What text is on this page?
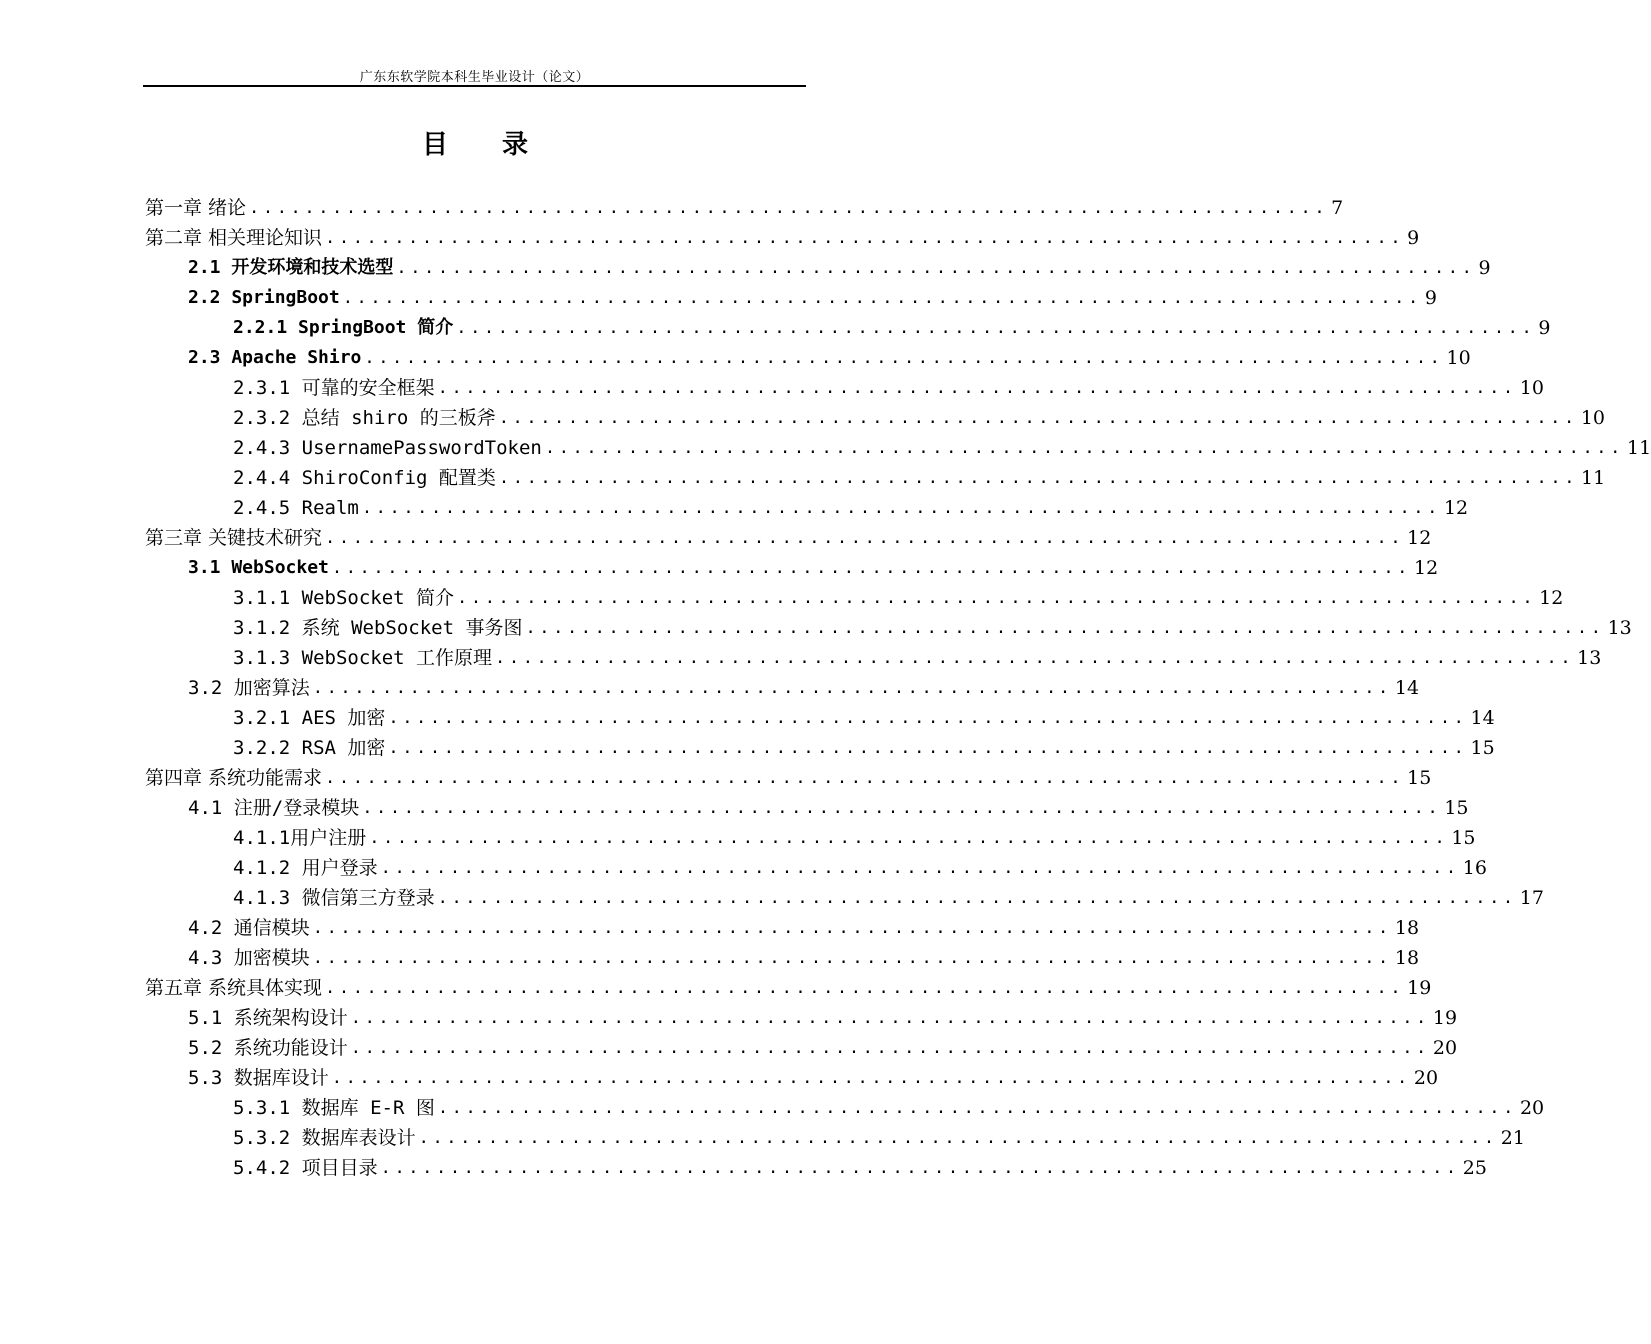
广东东软学院本科生毕业设计（论文）
目　录
第一章 绪论 .............................................................................. 7
第二章 相关理论知识 .............................................................................. 9
2.1 开发环境和技术选型 .............................................................................. 9
2.2 SpringBoot .............................................................................. 9
2.2.1 SpringBoot 简介 .............................................................................. 9
2.3 Apache Shiro .............................................................................. 10
2.3.1 可靠的安全框架 .............................................................................. 10
2.3.2 总结 shiro 的三板斧 .............................................................................. 10
2.4.3 UsernamePasswordToken .............................................................................. 11
2.4.4 ShiroConfig 配置类 .............................................................................. 11
2.4.5 Realm .............................................................................. 12
第三章 关键技术研究 .............................................................................. 12
3.1 WebSocket .............................................................................. 12
3.1.1 WebSocket 简介 .............................................................................. 12
3.1.2 系统 WebSocket 事务图 .............................................................................. 13
3.1.3 WebSocket 工作原理 .............................................................................. 13
3.2 加密算法 .............................................................................. 14
3.2.1 AES 加密 .............................................................................. 14
3.2.2 RSA 加密 .............................................................................. 15
第四章 系统功能需求 .............................................................................. 15
4.1 注册/登录模块 .............................................................................. 15
4.1.1用户注册 .............................................................................. 15
4.1.2 用户登录 .............................................................................. 16
4.1.3 微信第三方登录 .............................................................................. 17
4.2 通信模块 .............................................................................. 18
4.3 加密模块 .............................................................................. 18
第五章 系统具体实现 .............................................................................. 19
5.1 系统架构设计 .............................................................................. 19
5.2 系统功能设计 .............................................................................. 20
5.3 数据库设计 .............................................................................. 20
5.3.1 数据库 E-R 图 .............................................................................. 20
5.3.2 数据库表设计 .............................................................................. 21
5.4.2 项目目录 .............................................................................. 25
